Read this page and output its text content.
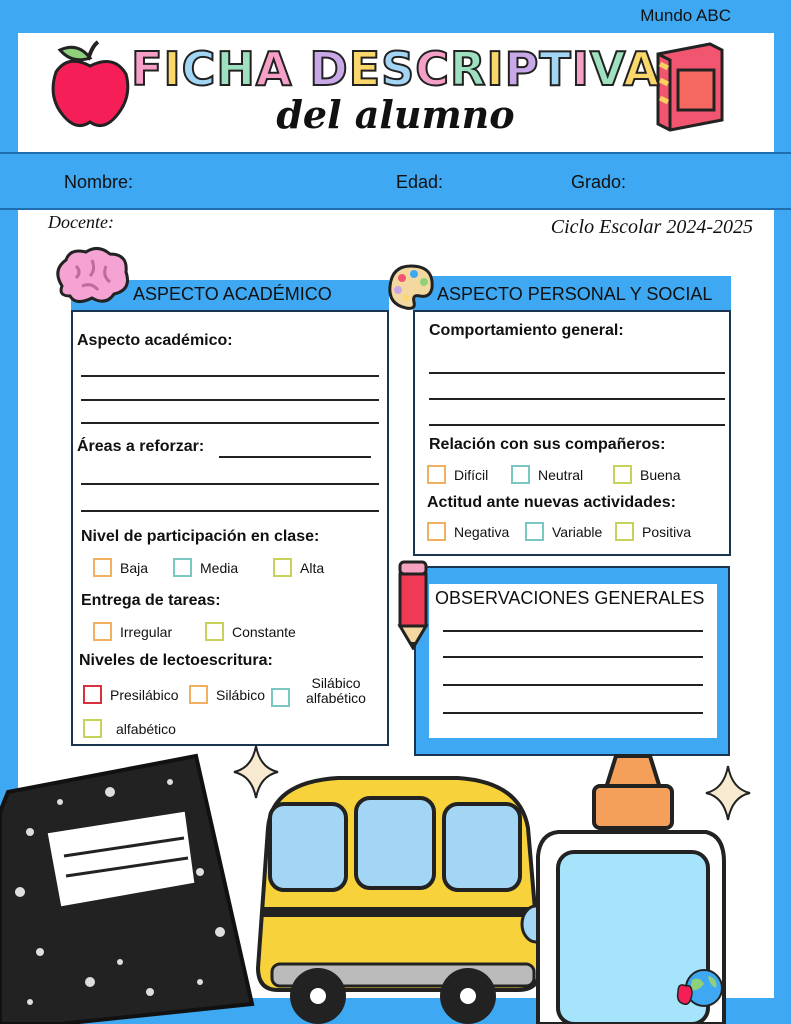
Mundo ABC
FICHA DESCRIPTIVA
del alumno
Nombre:	Edad:	Grado:
Docente:	Ciclo Escolar 2024-2025
ASPECTO ACADÉMICO
Aspecto académico:
Áreas a reforzar:
Nivel de participación en clase:
Baja	Media	Alta
Entrega de tareas:
Irregular	Constante
Niveles de lectoescritura:
Presilábico	Silábico
Silábico alfabético
alfabético
ASPECTO PERSONAL Y SOCIAL
Comportamiento general:
Relación con sus compañeros:
Difícil	Neutral	Buena
Actitud ante nuevas actividades:
Negativa	Variable	Positiva
OBSERVACIONES GENERALES
